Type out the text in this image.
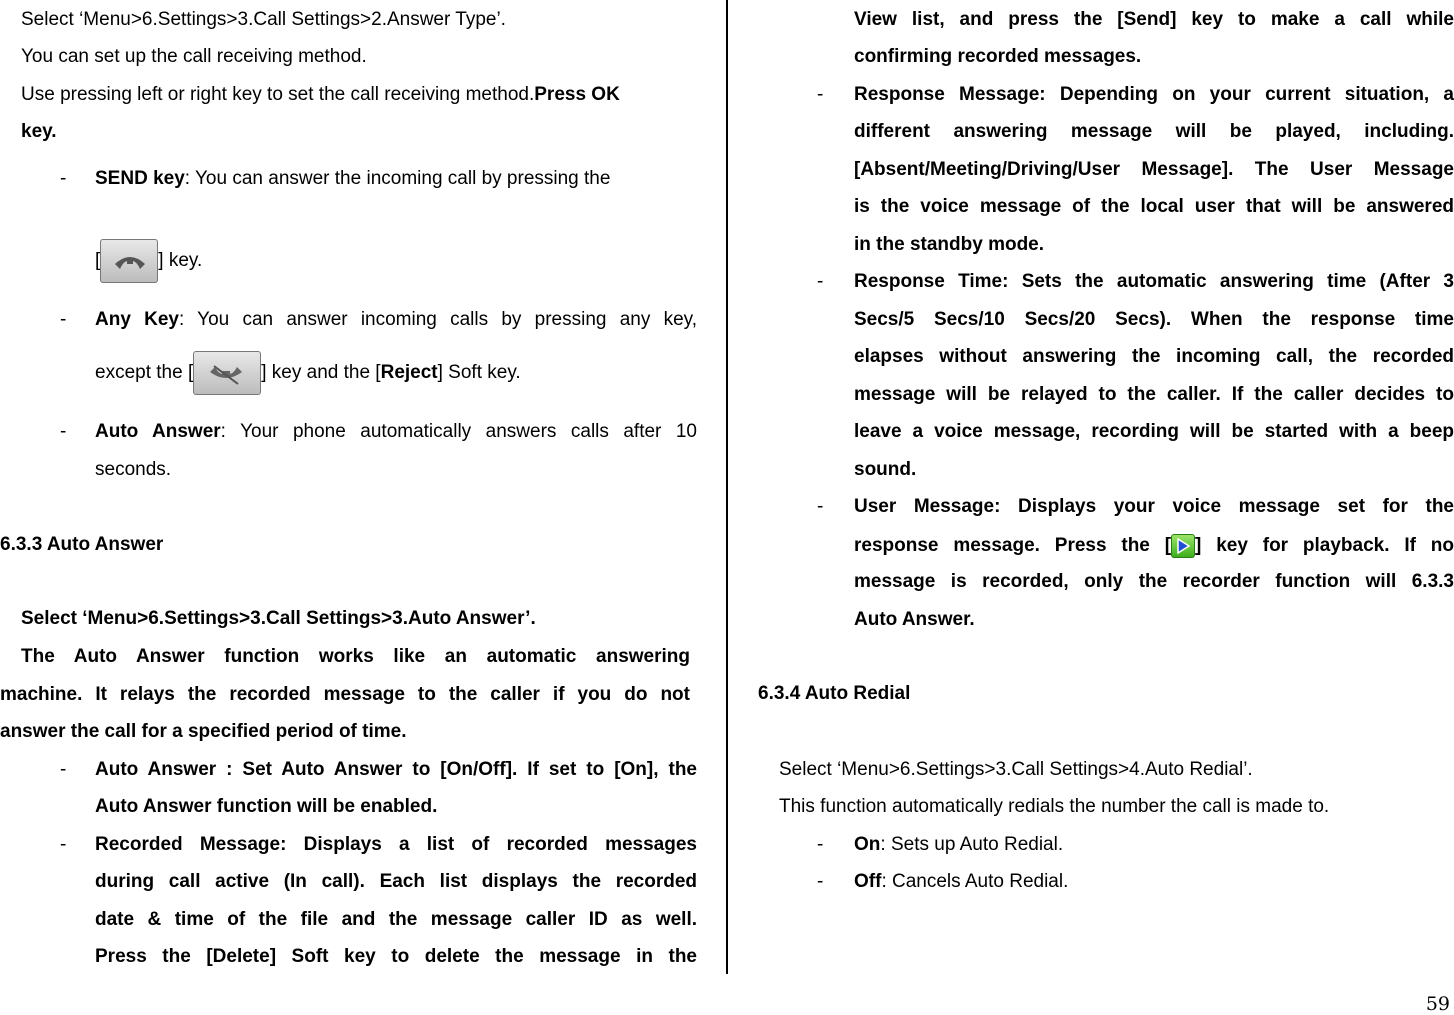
Select ‘Menu>6.Settings>3.Call Settings>2.Answer Type’.
You can set up the call receiving method.
Use pressing left or right key to set the call receiving method.Press OK
key.
- SEND key: You can answer the incoming call by pressing the
[	] key.
- Any Key: You can answer incoming calls by pressing any key,
except the [	] key and the [Reject] Soft key.
- Auto Answer: Your phone automatically answers calls after 10
seconds.
6.3.3 Auto Answer
Select ‘Menu>6.Settings>3.Call Settings>3.Auto Answer’.
The Auto Answer function works like an automatic answering
machine. It relays the recorded message to the caller if you do not
answer the call for a specified period of time.
- Auto Answer : Set Auto Answer to [On/Off]. If set to [On], the
Auto Answer function will be enabled.
- Recorded Message: Displays a list of recorded messages
during call active (In call). Each list displays the recorded
date & time of the file and the message caller ID as well.
Press the [Delete] Soft key to delete the message in the
View list, and press the [Send] key to make a call while
confirming recorded messages.
- Response Message: Depending on your current situation, a
different answering message will be played, including.
[Absent/Meeting/Driving/User Message]. The User Message
is the voice message of the local user that will be answered
in the standby mode.
- Response Time: Sets the automatic answering time (After 3
Secs/5 Secs/10 Secs/20 Secs). When the response time
elapses without answering the incoming call, the recorded
message will be relayed to the caller. If the caller decides to
leave a voice message, recording will be started with a beep
sound.
- User Message: Displays your voice message set for the
response message. Press the [ ] key for playback. If no
message is recorded, only the recorder function will 6.3.3
Auto Answer.
6.3.4 Auto Redial
Select ‘Menu>6.Settings>3.Call Settings>4.Auto Redial’.
This function automatically redials the number the call is made to.
- On: Sets up Auto Redial.
- Off: Cancels Auto Redial.
59
